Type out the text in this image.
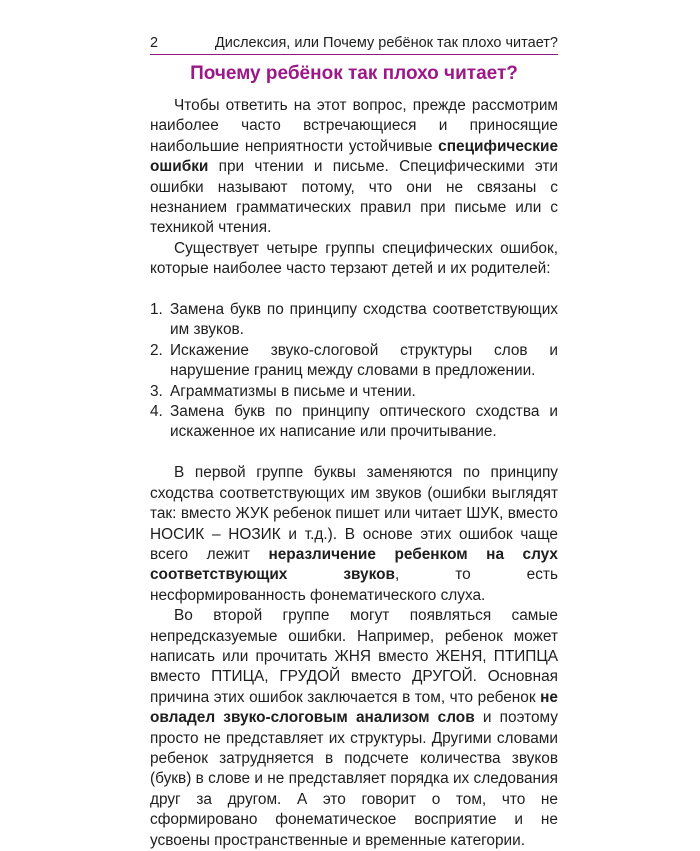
2	Дислексия, или Почему ребёнок так плохо читает?
Почему ребёнок так плохо читает?

Чтобы ответить на этот вопрос, прежде рассмотрим наиболее часто встречающиеся и приносящие наибольшие неприятности устойчивые специфические ошибки при чтении и письме. Специфическими эти ошибки называют потому, что они не связаны с незнанием грамматических правил при письме или с техникой чтения.

Существует четыре группы специфических ошибок, которые наиболее часто терзают детей и их родителей:

1. Замена букв по принципу сходства соответствующих им звуков.
2. Искажение звуко-слоговой структуры слов и нарушение границ между словами в предложении.
3. Аграмматизмы в письме и чтении.
4. Замена букв по принципу оптического сходства и искаженное их написание или прочитывание.

В первой группе буквы заменяются по принципу сходства соответствующих им звуков (ошибки выглядят так: вместо ЖУК ребенок пишет или читает ШУК, вместо НОСИК – НОЗИК и т.д.). В основе этих ошибок чаще всего лежит неразличение ребенком на слух соответствующих звуков, то есть несформированность фонематического слуха.

Во второй группе могут появляться самые непредсказуемые ошибки. Например, ребенок может написать или прочитать ЖНЯ вместо ЖЕНЯ, ПТИПЦА вместо ПТИЦА, ГРУДОЙ вместо ДРУГОЙ. Основная причина этих ошибок заключается в том, что ребенок не овладел звуко-слоговым анализом слов и поэтому просто не представляет их структуры. Другими словами ребенок затрудняется в подсчете количества звуков (букв) в слове и не представляет порядка их следования друг за другом. А это говорит о том, что не сформировано фонематическое восприятие и не усвоены пространственные и временные категории.
